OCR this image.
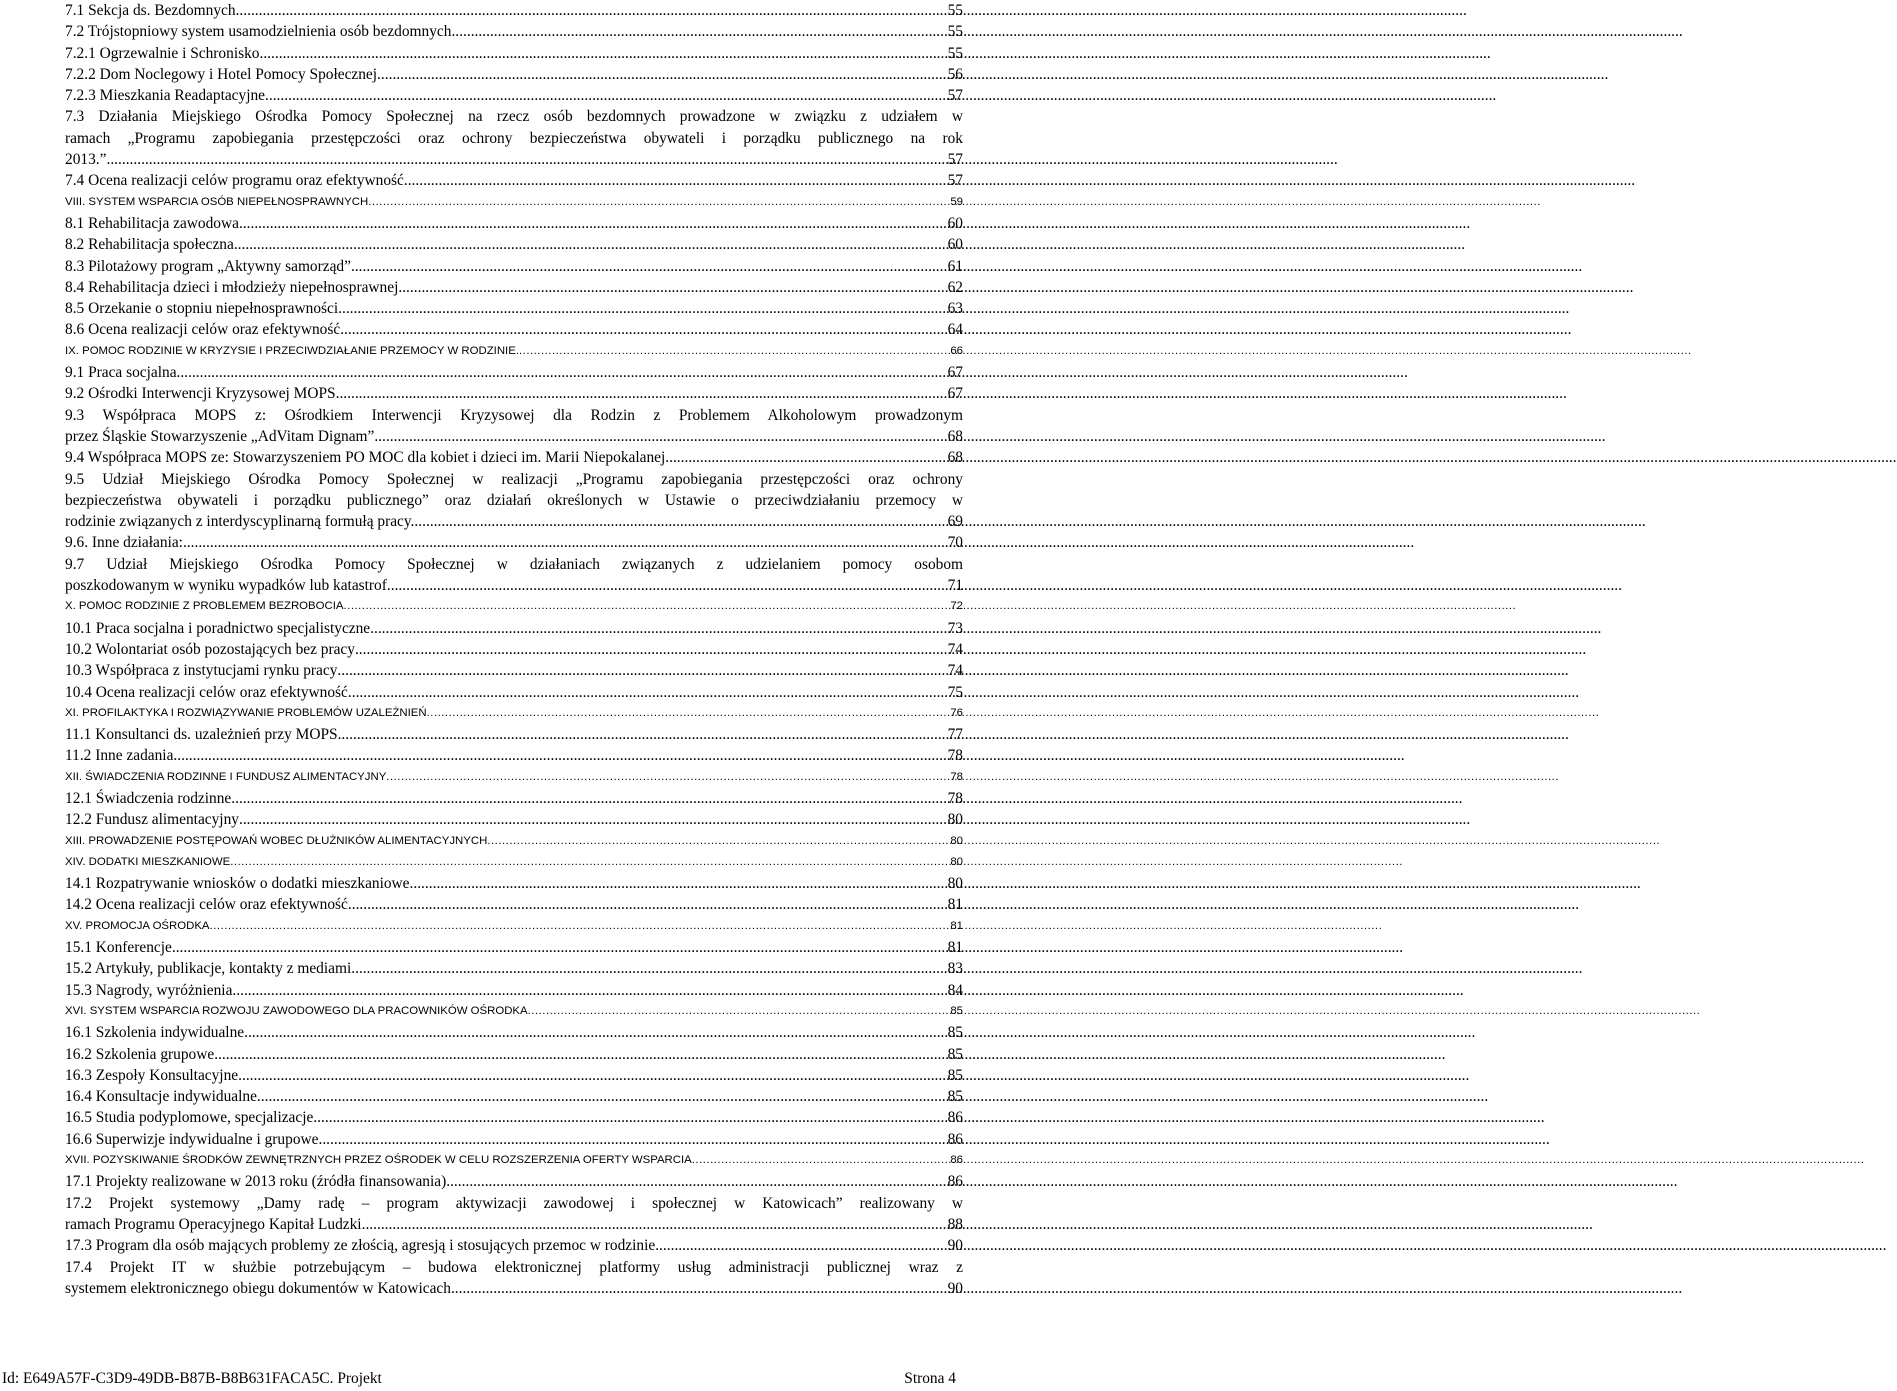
7.1 Sekcja ds. Bezdomnych .....	55
7.2 Trójstopniowy system usamodzielnienia osób bezdomnych .....	55
7.2.1 Ogrzewalnie i Schronisko .....	55
7.2.2 Dom Noclegowy i Hotel Pomocy Społecznej .....	56
7.2.3 Mieszkania Readaptacyjne .....	57
7.3 Działania Miejskiego Ośrodka Pomocy Społecznej na rzecz osób bezdomnych prowadzone w związku z udziałem w
ramach „Programu zapobiegania przestępczości oraz ochrony bezpieczeństwa obywateli i porządku publicznego na rok
2013.” .....	57
7.4 Ocena realizacji celów programu oraz efektywność .....	57
VIII. SYSTEM WSPARCIA OSÓB NIEPEŁNOSPRAWNYCH .....	59
8.1 Rehabilitacja zawodowa .....	60
8.2 Rehabilitacja społeczna .....	60
8.3 Pilotażowy program „Aktywny samorząd” .....	61
8.4 Rehabilitacja dzieci i młodzieży niepełnosprawnej. .....	62
8.5 Orzekanie o stopniu niepełnosprawności .....	63
8.6 Ocena realizacji celów oraz efektywność .....	64
IX. POMOC RODZINIE W KRYZYSIE I PRZECIWDZIAŁANIE PRZEMOCY W RODZINIE. .....	66
9.1 Praca socjalna .....	67
9.2 Ośrodki Interwencji Kryzysowej MOPS .....	67
9.3 Współpraca MOPS z: Ośrodkiem Interwencji Kryzysowej dla Rodzin z Problemem Alkoholowym prowadzonym
przez Śląskie Stowarzyszenie „AdVitam Dignam” .....	68
9.4 Współpraca MOPS ze: Stowarzyszeniem PO MOC dla kobiet i dzieci im. Marii Niepokalanej .....	68
9.5 Udział Miejskiego Ośrodka Pomocy Społecznej w realizacji „Programu zapobiegania przestępczości oraz ochrony
bezpieczeństwa obywateli i porządku publicznego” oraz działań określonych w Ustawie o przeciwdziałaniu przemocy w
rodzinie związanych z interdyscyplinarną formułą pracy. .....	69
9.6. Inne działania: .....	70
9.7 Udział Miejskiego Ośrodka Pomocy Społecznej w działaniach związanych z udzielaniem pomocy osobom
poszkodowanym w wyniku wypadków lub katastrof. .....	71
X. POMOC RODZINIE Z PROBLEMEM BEZROBOCIA .....	72
10.1 Praca socjalna i poradnictwo specjalistyczne .....	73
10.2 Wolontariat osób pozostających bez pracy .....	74
10.3 Współpraca z instytucjami rynku pracy .....	74
10.4 Ocena realizacji celów oraz efektywność .....	75
XI. PROFILAKTYKA I ROZWIĄZYWANIE PROBLEMÓW UZALEŻNIEŃ .....	76
11.1 Konsultanci ds. uzależnień przy MOPS .....	77
11.2 Inne zadania .....	78
XII. ŚWIADCZENIA RODZINNE I FUNDUSZ ALIMENTACYJNY .....	78
12.1 Świadczenia rodzinne .....	78
12.2 Fundusz alimentacyjny .....	80
XIII. PROWADZENIE POSTĘPOWAŃ WOBEC DŁUŻNIKÓW ALIMENTACYJNYCH .....	80
XIV. DODATKI MIESZKANIOWE .....	80
14.1 Rozpatrywanie wniosków o dodatki mieszkaniowe .....	80
14.2 Ocena realizacji celów oraz efektywność .....	81
XV. PROMOCJA OŚRODKA .....	81
15.1 Konferencje .....	81
15.2 Artykuły, publikacje, kontakty z mediami .....	83
15.3 Nagrody, wyróżnienia .....	84
XVI. SYSTEM WSPARCIA ROZWOJU ZAWODOWEGO DLA PRACOWNIKÓW OŚRODKA .....	85
16.1 Szkolenia indywidualne .....	85
16.2 Szkolenia grupowe .....	85
16.3 Zespoły Konsultacyjne .....	85
16.4 Konsultacje indywidualne .....	85
16.5 Studia podyplomowe, specjalizacje .....	86
16.6 Superwizje indywidualne i grupowe .....	86
XVII. POZYSKIWANIE ŚRODKÓW ZEWNĘTRZNYCH PRZEZ OŚRODEK W CELU ROZSZERZENIA OFERTY WSPARCIA .....	86
17.1 Projekty realizowane w 2013 roku (źródła finansowania) .....	86
17.2 Projekt systemowy „Damy radę – program aktywizacji zawodowej i społecznej w Katowicach” realizowany w
ramach Programu Operacyjnego Kapitał Ludzki .....	88
17.3 Program dla osób mających problemy ze złością, agresją i stosujących przemoc w rodzinie .....	90
17.4 Projekt IT w służbie potrzebującym – budowa elektronicznej platformy usług administracji publicznej wraz z
systemem elektronicznego obiegu dokumentów w Katowicach .....	90
Id: E649A57F-C3D9-49DB-B87B-B8B631FACA5C. Projekt	Strona 4
